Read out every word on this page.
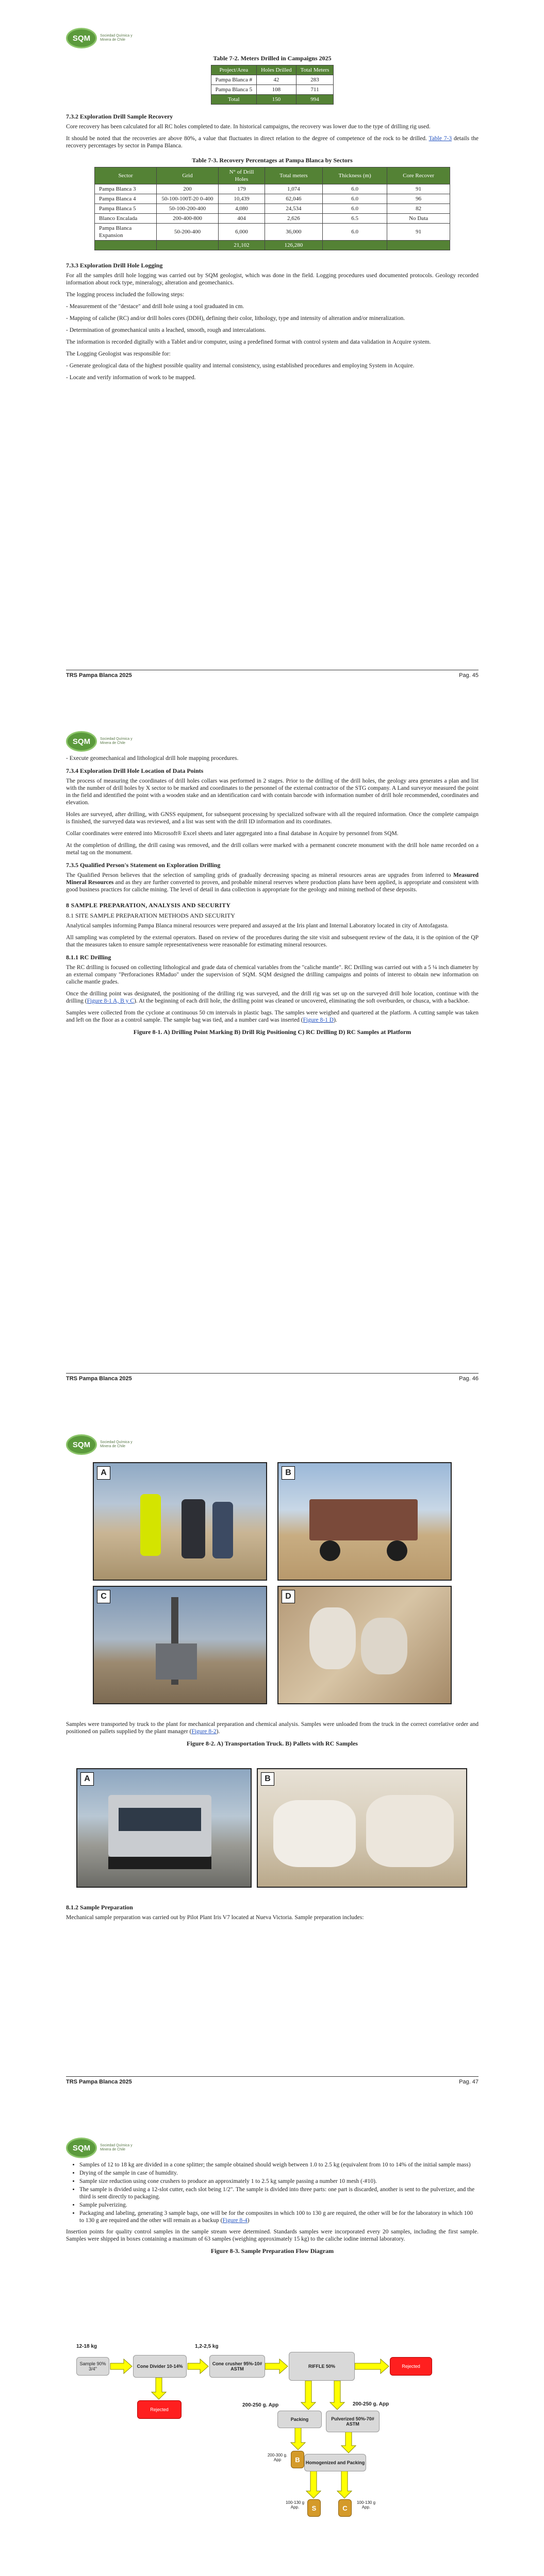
SQM	Sociedad Química y Minera de Chile
Table 7-2. Meters Drilled in Campaigns 2025
Project/Area	Holes Drilled	Total Meters
Pampa Blanca #	42	283
Pampa Blanca 5	108	711
Total	150	994
7.3.2 Exploration Drill Sample Recovery

Core recovery has been calculated for all RC holes completed to date. In historical campaigns, the recovery was lower due to the type of drilling rig used.

It should be noted that the recoveries are above 80%, a value that fluctuates in direct relation to the degree of competence of the rock to be drilled. Table 7-3 details the recovery percentages by sector in Pampa Blanca.

Table 7-3. Recovery Percentages at Pampa Blanca by Sectors
Sector	Grid	N° of Drill Holes	Total meters	Thickness (m)	Core Recover
Pampa Blanca 3	200	179	1,074	6.0	91
Pampa Blanca 4	50-100-100T-20 0-400	10,439	62,046	6.0	96
Pampa Blanca 5	50-100-200-400	4,080	24,534	6.0	82
Blanco Encalada	200-400-800	404	2,626	6.5	No Data
Pampa Blanca Expansion	50-200-400	6,000	36,000	6.0	91
		21,102	126,280		
7.3.3 Exploration Drill Hole Logging

For all the samples drill hole logging was carried out by SQM geologist, which was done in the field. Logging procedures used documented protocols. Geology recorded information about rock type, mineralogy, alteration and geomechanics.

The logging process included the following steps:

- Measurement of the "destace" and drill hole using a tool graduated in cm.

- Mapping of caliche (RC) and/or drill holes cores (DDH), defining their color, lithology, type and intensity of alteration and/or mineralization.

- Determination of geomechanical units a leached, smooth, rough and intercalations.

The information is recorded digitally with a Tablet and/or computer, using a predefined format with control system and data validation in Acquire system.

The Logging Geologist was responsible for:

- Generate geological data of the highest possible quality and internal consistency, using established procedures and employing System in Acquire.

- Locate and verify information of work to be mapped.

TRS Pampa Blanca 2025	Pag. 45
SQM	Sociedad Química y Minera de Chile

- Execute geomechanical and lithological drill hole mapping procedures.

7.3.4 Exploration Drill Hole Location of Data Points

The process of measuring the coordinates of drill holes collars was performed in 2 stages. Prior to the drilling of the drill holes, the geology area generates a plan and list with the number of drill holes by X sector to be marked and coordinates to the personnel of the external contractor of the STG company. A Land surveyor measured the point in the field and identified the point with a wooden stake and an identification card with contain barcode with information number of drill hole recommended, coordinates and elevation.

Holes are surveyed, after drilling, with GNSS equipment, for subsequent processing by specialized software with all the required information. Once the complete campaign is finished, the surveyed data was reviewed, and a list was sent with the drill ID information and its coordinates.

Collar coordinates were entered into Microsoft® Excel sheets and later aggregated into a final database in Acquire by personnel from SQM.

At the completion of drilling, the drill casing was removed, and the drill collars were marked with a permanent concrete monument with the drill hole name recorded on a metal tag on the monument.

7.3.5 Qualified Person's Statement on Exploration Drilling

The Qualified Person believes that the selection of sampling grids of gradually decreasing spacing as mineral resources areas are upgrades from inferred to Measured Mineral Resources and as they are further converted to proven, and probable mineral reserves where production plans have been applied, is appropriate and consistent with good business practices for caliche mining. The level of detail in data collection is appropriate for the geology and mining method of these deposits.

8 SAMPLE PREPARATION, ANALYSIS AND SECURITY
8.1 SITE SAMPLE PREPARATION METHODS AND SECURITY

Analytical samples informing Pampa Blanca mineral resources were prepared and assayed at the Iris plant and Internal Laboratory located in city of Antofagasta.

All sampling was completed by the external operators. Based on review of the procedures during the site visit and subsequent review of the data, it is the opinion of the QP that the measures taken to ensure sample representativeness were reasonable for estimating mineral resources.

8.1.1 RC Drilling

The RC drilling is focused on collecting lithological and grade data of chemical variables from the "caliche mantle". RC Drilling was carried out with a 5 ¼ inch diameter by an external company "Perforaciones RMaduo" under the supervision of SQM. SQM designed the drilling campaigns and points of interest to obtain new information on caliche mantle grades.

Once the drilling point was designated, the positioning of the drilling rig was surveyed, and the drill rig was set up on the surveyed drill hole location, continue with the drilling (Figure 8-1 A, B y C). At the beginning of each drill hole, the drilling point was cleaned or uncovered, eliminating the soft overburden, or chusca, with a backhoe.

Samples were collected from the cyclone at continuous 50 cm intervals in plastic bags. The samples were weighed and quartered at the platform. A cutting sample was taken and left on the floor as a control sample. The sample bag was tied, and a number card was inserted (Figure 8-1 D).

Figure 8-1. A) Drilling Point Marking B) Drill Rig Positioning C) RC Drilling D) RC Samples at Platform
TRS Pampa Blanca 2025	Pag. 46
SQM	Sociedad Química y Minera de Chile
A	B
C	D

Samples were transported by truck to the plant for mechanical preparation and chemical analysis. Samples were unloaded from the truck in the correct correlative order and positioned on pallets supplied by the plant manager (Figure 8-2).

Figure 8-2. A) Transportation Truck. B) Pallets with RC Samples
A	B
8.1.2 Sample Preparation

Mechanical sample preparation was carried out by Pilot Plant Iris V7 located at Nueva Victoria. Sample preparation includes:

TRS Pampa Blanca 2025	Pag. 47
SQM	Sociedad Química y Minera de Chile
• Samples of 12 to 18 kg are divided in a cone splitter; the sample obtained should weigh between 1.0 to 2.5 kg (equivalent from 10 to 14% of the initial sample mass)
• Drying of the sample in case of humidity.
• Sample size reduction using cone crushers to produce an approximately 1 to 2.5 kg sample passing a number 10 mesh (-#10).
• The sample is divided using a 12-slot cutter, each slot being 1/2". The sample is divided into three parts: one part is discarded, another is sent to the pulverizer, and the third is sent directly to packaging.
• Sample pulverizing.
• Packaging and labeling, generating 3 sample bags, one will be for the composites in which 100 to 130 g are required, the other will be for the laboratory in which 100 to 130 g are required and the other will remain as a backup (Figure 8-4)

Insertion points for quality control samples in the sample stream were determined. Standards samples were incorporated every 20 samples, including the first sample. Samples were shipped in boxes containing a maximum of 63 samples (weighing approximately 15 kg) to the caliche iodine internal laboratory.

Figure 8-3. Sample Preparation Flow Diagram
12-18 kg	1,2-2,5 kg
Sample 90% 3/4"	Cone Divider 10-14%	Cone crusher 95%-10# ASTM	RIFFLE 50%	Rejected
Rejected
200-250 g. App	200-250 g. App
Packing	Pulverized 50%-70# ASTM
200-300 g. App	B	Homogenized and Packing
100-130 g App.	S	C
100-130 g App.
